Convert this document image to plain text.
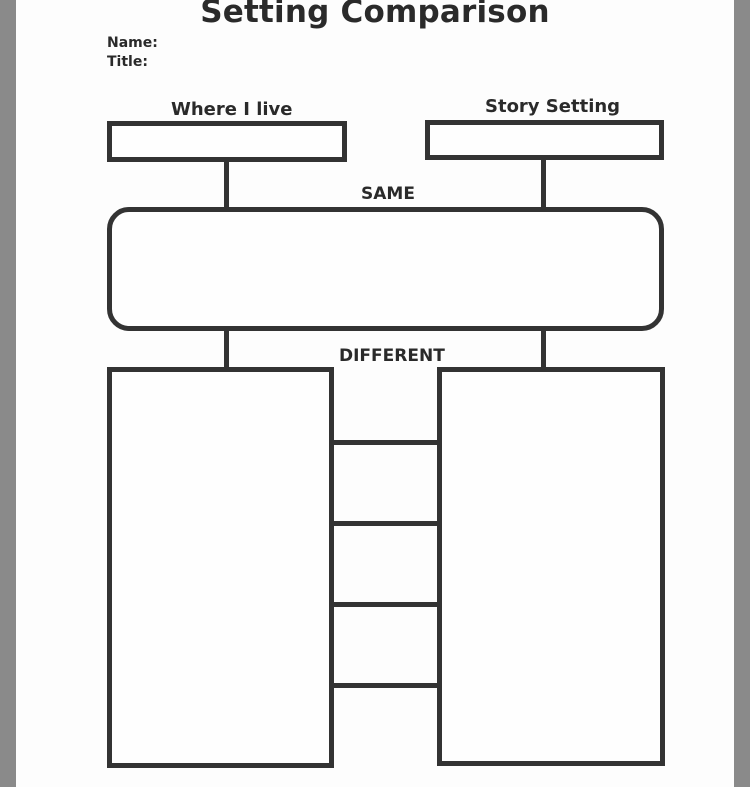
Setting Comparison
Name:
Title:
Where I live	Story Setting
SAME
DIFFERENT
